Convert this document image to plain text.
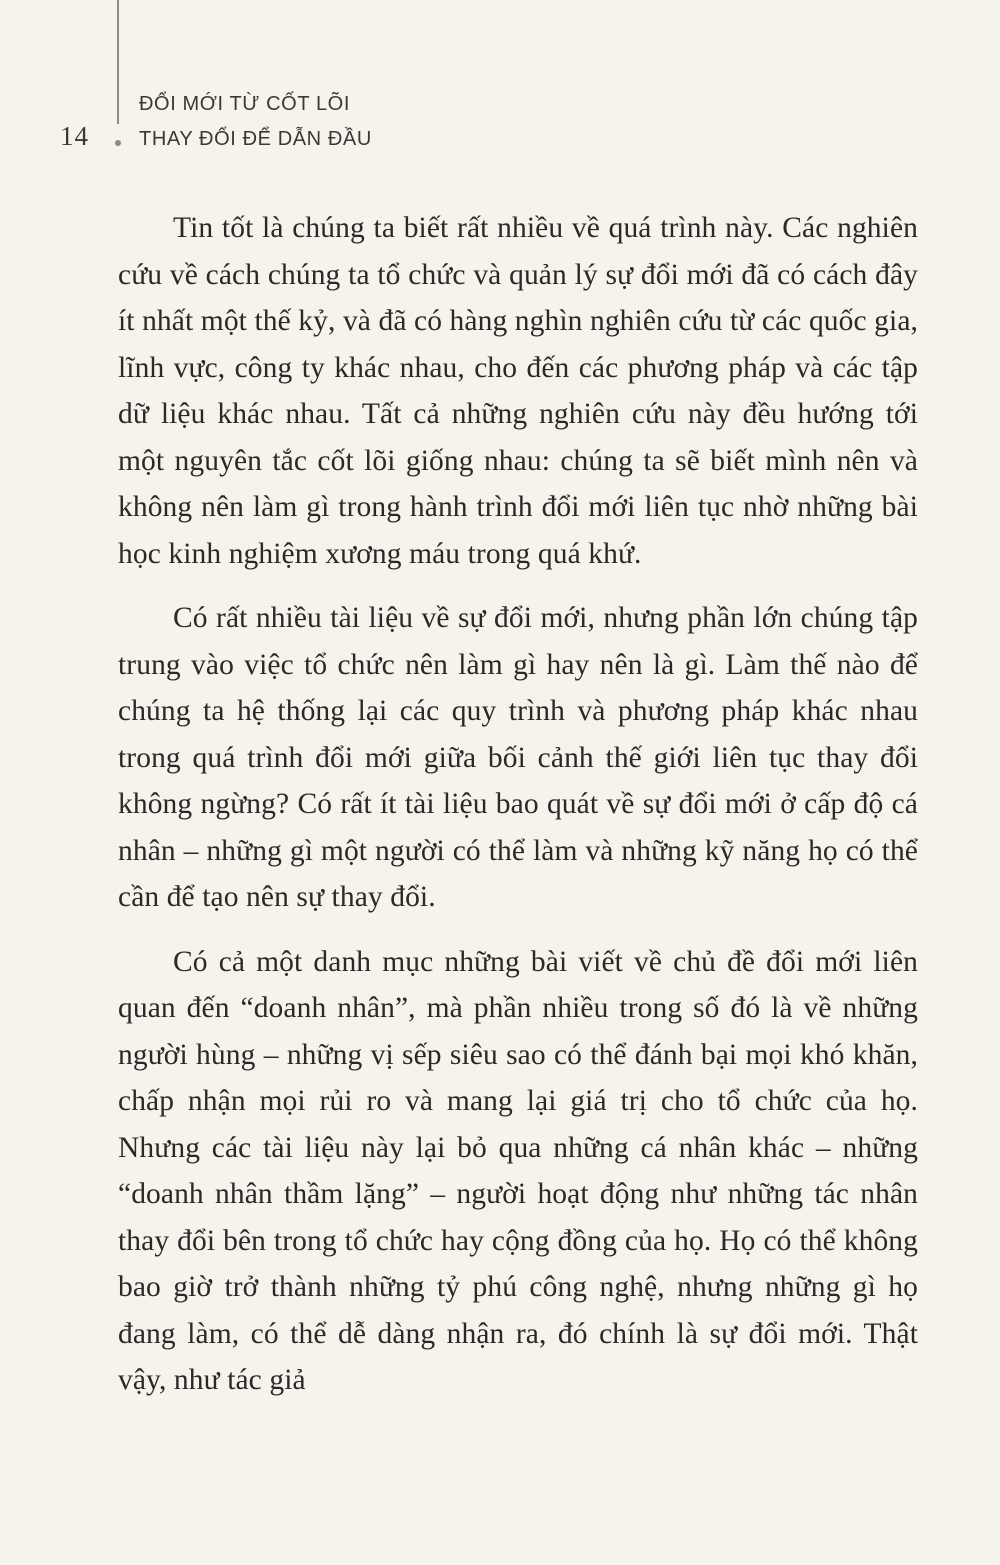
14
ĐỔI MỚI TỪ CỐT LÕI
THAY ĐỔI ĐỂ DẪN ĐẦU

Tin tốt là chúng ta biết rất nhiều về quá trình này. Các nghiên cứu về cách chúng ta tổ chức và quản lý sự đổi mới đã có cách đây ít nhất một thế kỷ, và đã có hàng nghìn nghiên cứu từ các quốc gia, lĩnh vực, công ty khác nhau, cho đến các phương pháp và các tập dữ liệu khác nhau. Tất cả những nghiên cứu này đều hướng tới một nguyên tắc cốt lõi giống nhau: chúng ta sẽ biết mình nên và không nên làm gì trong hành trình đổi mới liên tục nhờ những bài học kinh nghiệm xương máu trong quá khứ.

Có rất nhiều tài liệu về sự đổi mới, nhưng phần lớn chúng tập trung vào việc tổ chức nên làm gì hay nên là gì. Làm thế nào để chúng ta hệ thống lại các quy trình và phương pháp khác nhau trong quá trình đổi mới giữa bối cảnh thế giới liên tục thay đổi không ngừng? Có rất ít tài liệu bao quát về sự đổi mới ở cấp độ cá nhân – những gì một người có thể làm và những kỹ năng họ có thể cần để tạo nên sự thay đổi.

Có cả một danh mục những bài viết về chủ đề đổi mới liên quan đến “doanh nhân”, mà phần nhiều trong số đó là về những người hùng – những vị sếp siêu sao có thể đánh bại mọi khó khăn, chấp nhận mọi rủi ro và mang lại giá trị cho tổ chức của họ. Nhưng các tài liệu này lại bỏ qua những cá nhân khác – những “doanh nhân thầm lặng” – người hoạt động như những tác nhân thay đổi bên trong tổ chức hay cộng đồng của họ. Họ có thể không bao giờ trở thành những tỷ phú công nghệ, nhưng những gì họ đang làm, có thể dễ dàng nhận ra, đó chính là sự đổi mới. Thật vậy, như tác giả
